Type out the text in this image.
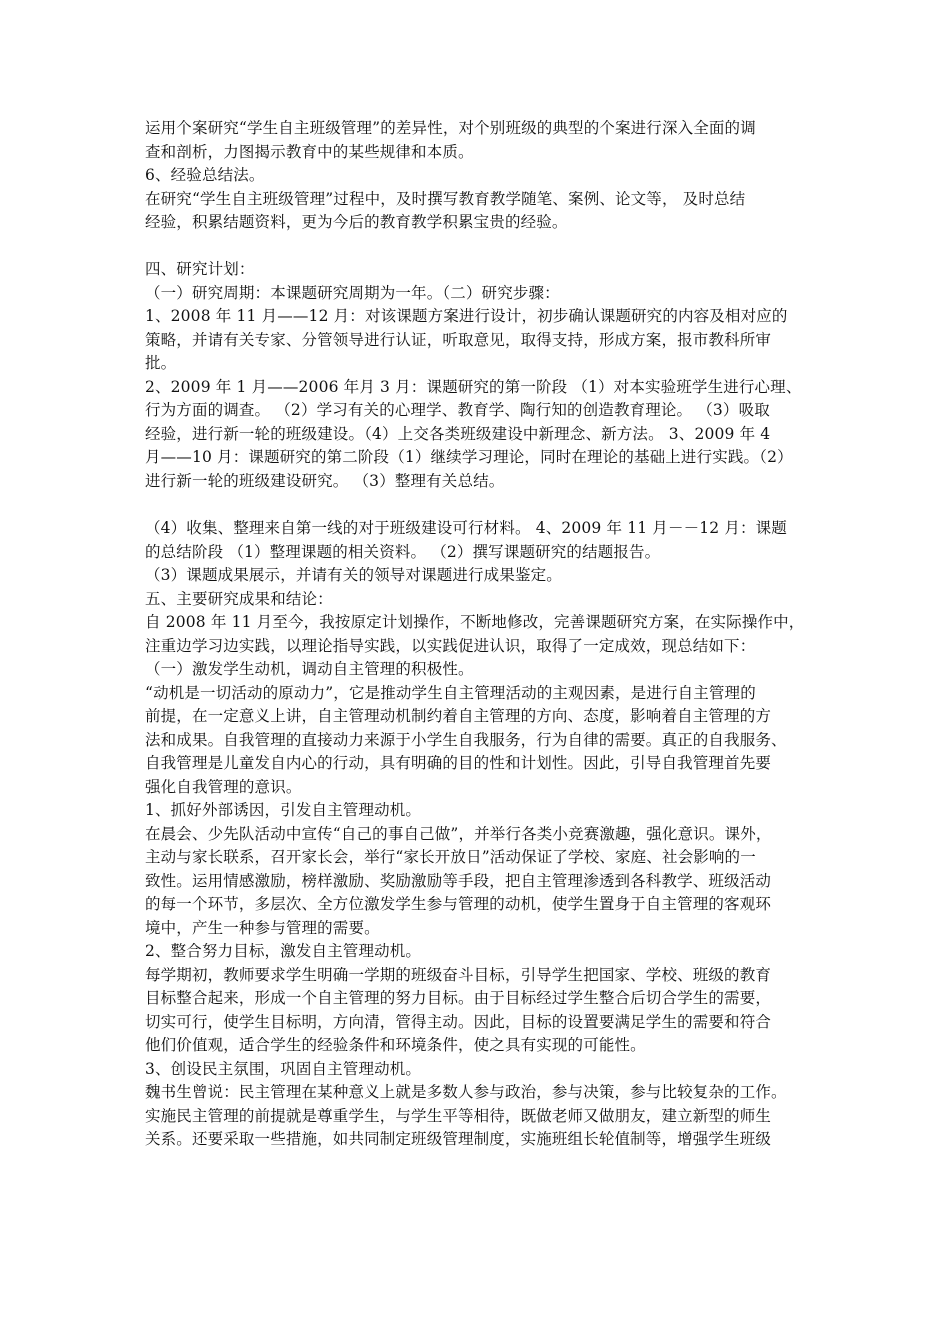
运用个案研究“学生自主班级管理”的差异性，对个别班级的典型的个案进行深入全面的调
查和剖析，力图揭示教育中的某些规律和本质。
6、经验总结法。
在研究“学生自主班级管理”过程中，及时撰写教育教学随笔、案例、论文等， 及时总结
经验，积累结题资料，更为今后的教育教学积累宝贵的经验。
四、研究计划：
（一）研究周期：本课题研究周期为一年。（二）研究步骤：
1、2008 年 11 月——12 月：对该课题方案进行设计，初步确认课题研究的内容及相对应的
策略，并请有关专家、分管领导进行认证，听取意见，取得支持，形成方案，报市教科所审
批。
2、2009 年 1 月——2006 年月 3 月：课题研究的第一阶段 （1）对本实验班学生进行心理、
行为方面的调查。 （2）学习有关的心理学、教育学、陶行知的创造教育理论。 （3）吸取
经验，进行新一轮的班级建设。（4）上交各类班级建设中新理念、新方法。 3、2009 年 4
月——10 月：课题研究的第二阶段（1）继续学习理论，同时在理论的基础上进行实践。（2）
进行新一轮的班级建设研究。 （3）整理有关总结。
（4）收集、整理来自第一线的对于班级建设可行材料。 4、2009 年 11 月－－12 月：课题
的总结阶段 （1）整理课题的相关资料。 （2）撰写课题研究的结题报告。
（3）课题成果展示，并请有关的领导对课题进行成果鉴定。
五、主要研究成果和结论：
自 2008 年 11 月至今，我按原定计划操作，不断地修改，完善课题研究方案，在实际操作中，
注重边学习边实践，以理论指导实践，以实践促进认识，取得了一定成效，现总结如下：
（一）激发学生动机，调动自主管理的积极性。
“动机是一切活动的原动力”，它是推动学生自主管理活动的主观因素，是进行自主管理的
前提，在一定意义上讲，自主管理动机制约着自主管理的方向、态度，影响着自主管理的方
法和成果。自我管理的直接动力来源于小学生自我服务，行为自律的需要。真正的自我服务、
自我管理是儿童发自内心的行动，具有明确的目的性和计划性。因此，引导自我管理首先要
强化自我管理的意识。
1、抓好外部诱因，引发自主管理动机。
在晨会、少先队活动中宣传“自己的事自己做”，并举行各类小竞赛激趣，强化意识。课外，
主动与家长联系，召开家长会，举行“家长开放日”活动保证了学校、家庭、社会影响的一
致性。运用情感激励，榜样激励、奖励激励等手段，把自主管理渗透到各科教学、班级活动
的每一个环节，多层次、全方位激发学生参与管理的动机，使学生置身于自主管理的客观环
境中，产生一种参与管理的需要。
2、整合努力目标，激发自主管理动机。
每学期初，教师要求学生明确一学期的班级奋斗目标，引导学生把国家、学校、班级的教育
目标整合起来，形成一个自主管理的努力目标。由于目标经过学生整合后切合学生的需要，
切实可行，使学生目标明，方向清，管得主动。因此，目标的设置要满足学生的需要和符合
他们价值观，适合学生的经验条件和环境条件，使之具有实现的可能性。
3、创设民主氛围，巩固自主管理动机。
魏书生曾说：民主管理在某种意义上就是多数人参与政治，参与决策，参与比较复杂的工作。
实施民主管理的前提就是尊重学生，与学生平等相待，既做老师又做朋友，建立新型的师生
关系。还要采取一些措施，如共同制定班级管理制度，实施班组长轮值制等，增强学生班级
